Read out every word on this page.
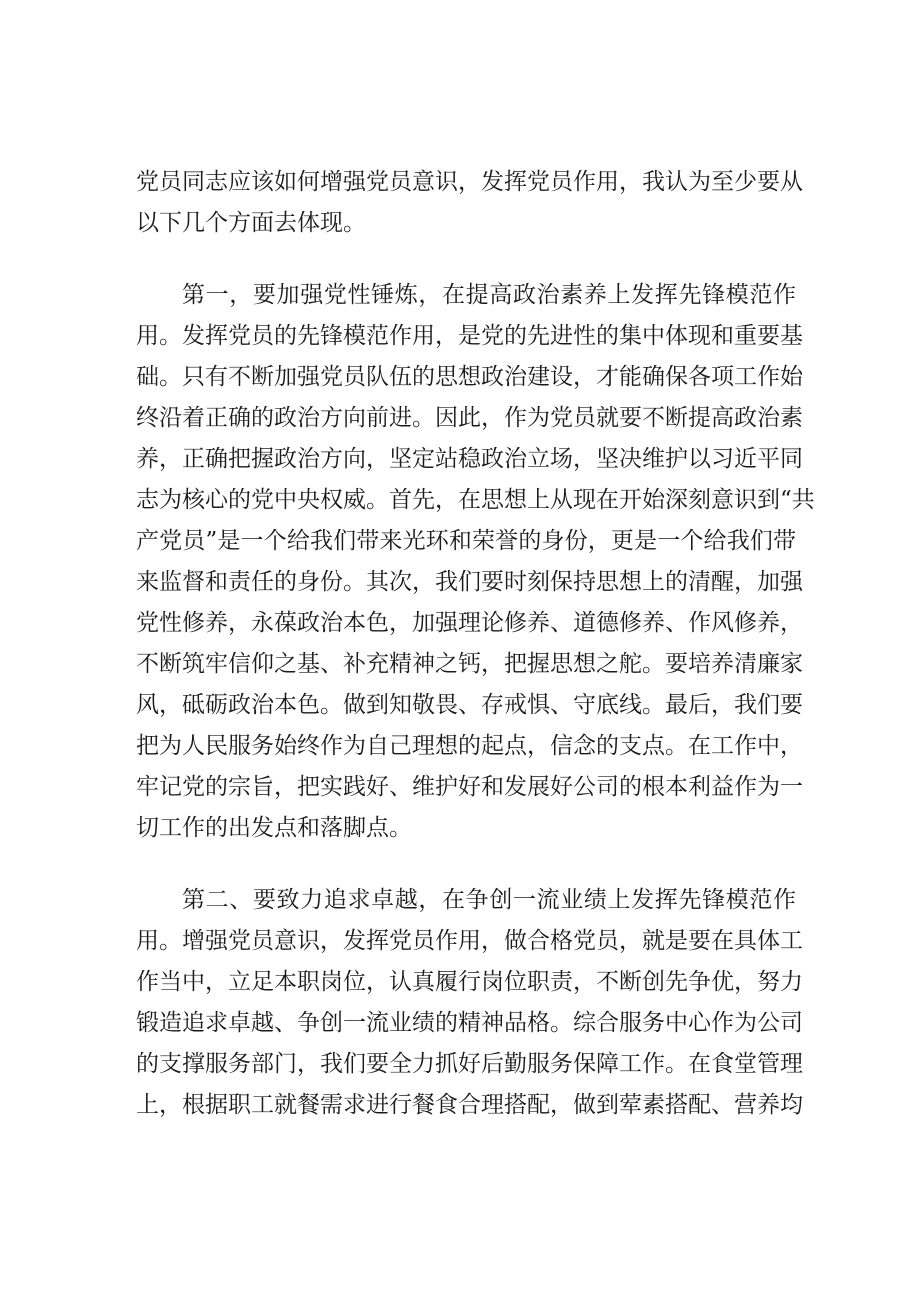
党员同志应该如何增强党员意识，发挥党员作用，我认为至少要从
以下几个方面去体现。
第一，要加强党性锤炼，在提高政治素养上发挥先锋模范作
用。发挥党员的先锋模范作用，是党的先进性的集中体现和重要基
础。只有不断加强党员队伍的思想政治建设，才能确保各项工作始
终沿着正确的政治方向前进。因此，作为党员就要不断提高政治素
养，正确把握政治方向，坚定站稳政治立场，坚决维护以习近平同
志为核心的党中央权威。首先，在思想上从现在开始深刻意识到“共
产党员”是一个给我们带来光环和荣誉的身份，更是一个给我们带
来监督和责任的身份。其次，我们要时刻保持思想上的清醒，加强
党性修养，永葆政治本色，加强理论修养、道德修养、作风修养，
不断筑牢信仰之基、补充精神之钙，把握思想之舵。要培养清廉家
风，砥砺政治本色。做到知敬畏、存戒惧、守底线。最后，我们要
把为人民服务始终作为自己理想的起点，信念的支点。在工作中，
牢记党的宗旨，把实践好、维护好和发展好公司的根本利益作为一
切工作的出发点和落脚点。
第二、要致力追求卓越，在争创一流业绩上发挥先锋模范作
用。增强党员意识，发挥党员作用，做合格党员，就是要在具体工
作当中，立足本职岗位，认真履行岗位职责，不断创先争优，努力
锻造追求卓越、争创一流业绩的精神品格。综合服务中心作为公司
的支撑服务部门，我们要全力抓好后勤服务保障工作。在食堂管理
上，根据职工就餐需求进行餐食合理搭配，做到荤素搭配、营养均
